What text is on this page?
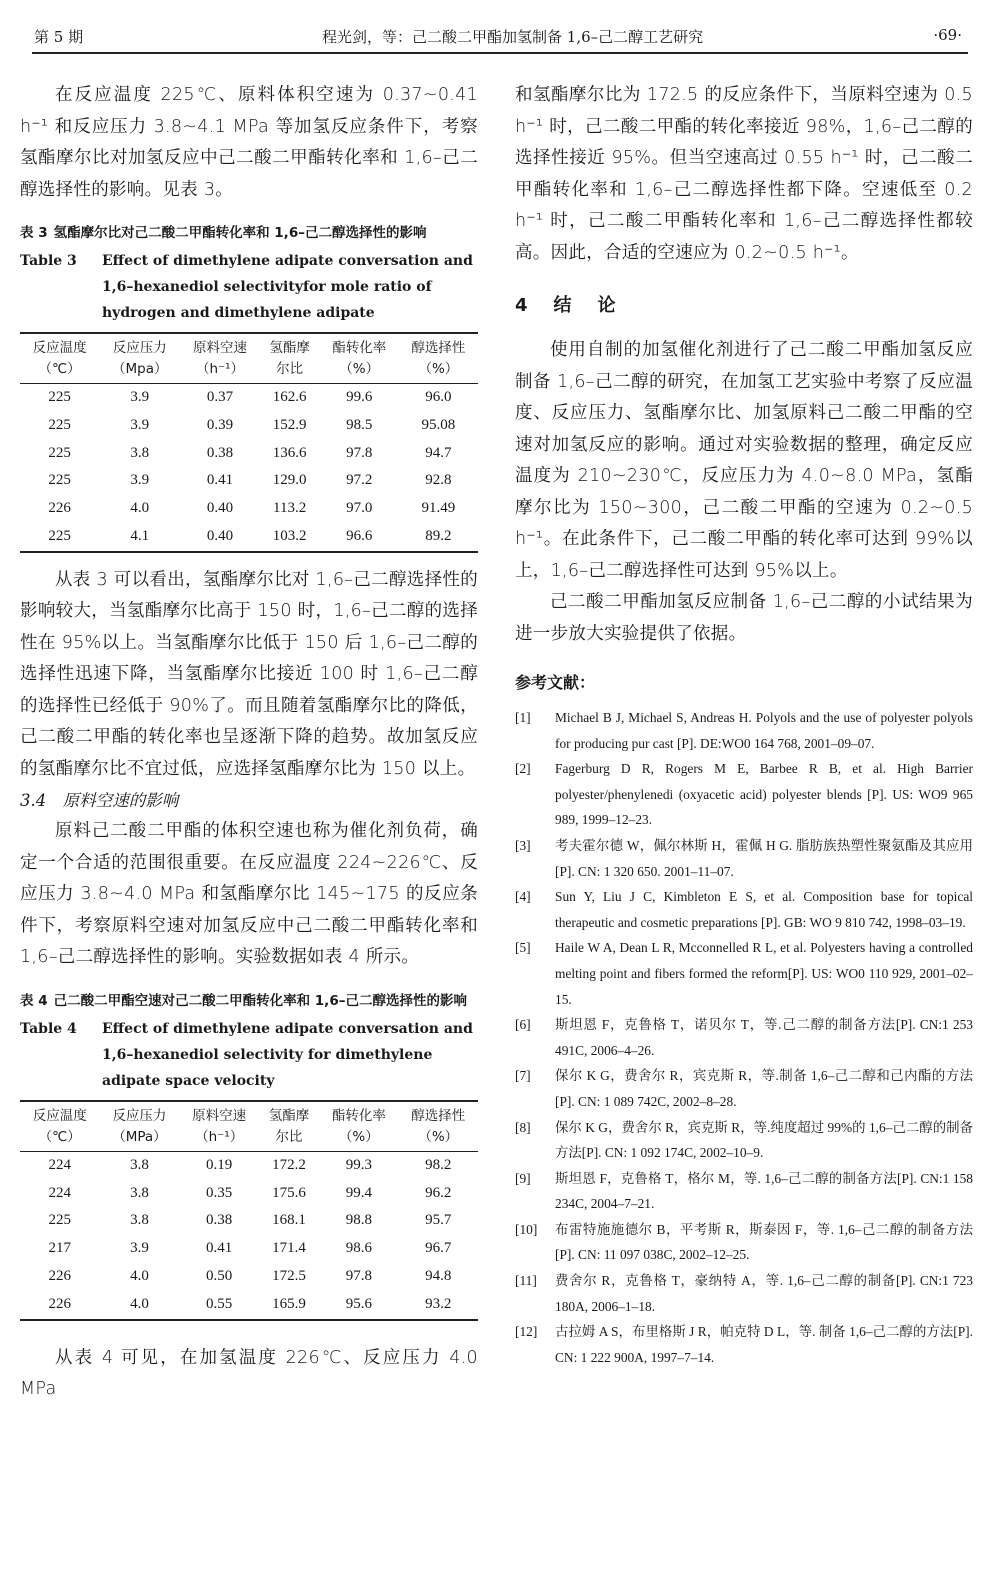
第 5 期	程光剑，等：己二酸二甲酯加氢制备 1,6–己二醇工艺研究	·69·

在反应温度 225℃、原料体积空速为 0.37~0.41 h⁻¹ 和反应压力 3.8~4.1 MPa 等加氢反应条件下，考察氢酯摩尔比对加氢反应中己二酸二甲酯转化率和 1,6–己二醇选择性的影响。见表 3。

表 3 氢酯摩尔比对己二酸二甲酯转化率和 1,6–己二醇选择性的影响
Table 3	Effect of dimethylene adipate conversation and 1,6–hexanediol selectivityfor mole ratio of hydrogen and dimethylene adipate
反应温度	反应压力	原料空速	氢酯摩	酯转化率	醇选择性
（℃）	（Mpa）	（h⁻¹）	尔比	（%）	（%）
225	3.9	0.37	162.6	99.6	96.0
225	3.9	0.39	152.9	98.5	95.08
225	3.8	0.38	136.6	97.8	94.7
225	3.9	0.41	129.0	97.2	92.8
226	4.0	0.40	113.2	97.0	91.49
225	4.1	0.40	103.2	96.6	89.2

从表 3 可以看出，氢酯摩尔比对 1,6–己二醇选择性的影响较大，当氢酯摩尔比高于 150 时，1,6–己二醇的选择性在 95%以上。当氢酯摩尔比低于 150 后 1,6–己二醇的选择性迅速下降，当氢酯摩尔比接近 100 时 1,6–己二醇的选择性已经低于 90%了。而且随着氢酯摩尔比的降低，己二酸二甲酯的转化率也呈逐渐下降的趋势。故加氢反应的氢酯摩尔比不宜过低，应选择氢酯摩尔比为 150 以上。

3.4　原料空速的影响

原料己二酸二甲酯的体积空速也称为催化剂负荷，确定一个合适的范围很重要。在反应温度 224~226℃、反应压力 3.8~4.0 MPa 和氢酯摩尔比 145~175 的反应条件下，考察原料空速对加氢反应中己二酸二甲酯转化率和 1,6–己二醇选择性的影响。实验数据如表 4 所示。

表 4 己二酸二甲酯空速对己二酸二甲酯转化率和 1,6–己二醇选择性的影响
Table 4	Effect of dimethylene adipate conversation and 1,6–hexanediol selectivity for dimethylene adipate space velocity
反应温度	反应压力	原料空速	氢酯摩	酯转化率	醇选择性
（℃）	（MPa）	（h⁻¹）	尔比	（%）	（%）
224	3.8	0.19	172.2	99.3	98.2
224	3.8	0.35	175.6	99.4	96.2
225	3.8	0.38	168.1	98.8	95.7
217	3.9	0.41	171.4	98.6	96.7
226	4.0	0.50	172.5	97.8	94.8
226	4.0	0.55	165.9	95.6	93.2

从表 4 可见，在加氢温度 226℃、反应压力 4.0 MPa

和氢酯摩尔比为 172.5 的反应条件下，当原料空速为 0.5 h⁻¹ 时，己二酸二甲酯的转化率接近 98%，1,6–己二醇的选择性接近 95%。但当空速高过 0.55 h⁻¹ 时，己二酸二甲酯转化率和 1,6–己二醇选择性都下降。空速低至 0.2 h⁻¹ 时，己二酸二甲酯转化率和 1,6–己二醇选择性都较高。因此，合适的空速应为 0.2~0.5 h⁻¹。

4　结　论

使用自制的加氢催化剂进行了己二酸二甲酯加氢反应制备 1,6–己二醇的研究，在加氢工艺实验中考察了反应温度、反应压力、氢酯摩尔比、加氢原料己二酸二甲酯的空速对加氢反应的影响。通过对实验数据的整理，确定反应温度为 210~230℃，反应压力为 4.0~8.0 MPa，氢酯摩尔比为 150~300，己二酸二甲酯的空速为 0.2~0.5 h⁻¹。在此条件下，己二酸二甲酯的转化率可达到 99%以上，1,6–己二醇选择性可达到 95%以上。

己二酸二甲酯加氢反应制备 1,6–己二醇的小试结果为进一步放大实验提供了依据。

参考文献：
[1]	Michael B J, Michael S, Andreas H. Polyols and the use of polyester polyols for producing pur cast [P]. DE:WO0 164 768, 2001–09–07.
[2]	Fagerburg D R, Rogers M E, Barbee R B, et al. High Barrier polyester/phenylenedi (oxyacetic acid) polyester blends [P]. US: WO9 965 989, 1999–12–23.
[3]	考夫霍尔德 W，佩尔林斯 H，霍佩 H G. 脂肪族热塑性聚氨酯及其应用[P]. CN: 1 320 650. 2001–11–07.
[4]	Sun Y, Liu J C, Kimbleton E S, et al. Composition base for topical therapeutic and cosmetic preparations [P]. GB: WO 9 810 742, 1998–03–19.
[5]	Haile W A, Dean L R, Mcconnelled R L, et al. Polyesters having a controlled melting point and fibers formed the reform[P]. US: WO0 110 929, 2001–02–15.
[6]	斯坦恩 F，克鲁格 T，诺贝尔 T，等.己二醇的制备方法[P]. CN:1 253 491C, 2006–4–26.
[7]	保尔 K G，费舍尔 R，宾克斯 R，等.制备 1,6–己二醇和己内酯的方法[P]. CN: 1 089 742C, 2002–8–28.
[8]	保尔 K G，费舍尔 R，宾克斯 R，等.纯度超过 99%的 1,6–己二醇的制备方法[P]. CN: 1 092 174C, 2002–10–9.
[9]	斯坦恩 F，克鲁格 T，格尔 M，等. 1,6–己二醇的制备方法[P]. CN:1 158 234C, 2004–7–21.
[10]	布雷特施施德尔 B，平考斯 R，斯泰因 F，等. 1,6–己二醇的制备方法[P]. CN: 11 097 038C, 2002–12–25.
[11]	费舍尔 R，克鲁格 T，豪纳特 A，等. 1,6–己二醇的制备[P]. CN:1 723 180A, 2006–1–18.
[12]	古拉姆 A S，布里格斯 J R，帕克特 D L，等. 制备 1,6–己二醇的方法[P]. CN: 1 222 900A, 1997–7–14.
